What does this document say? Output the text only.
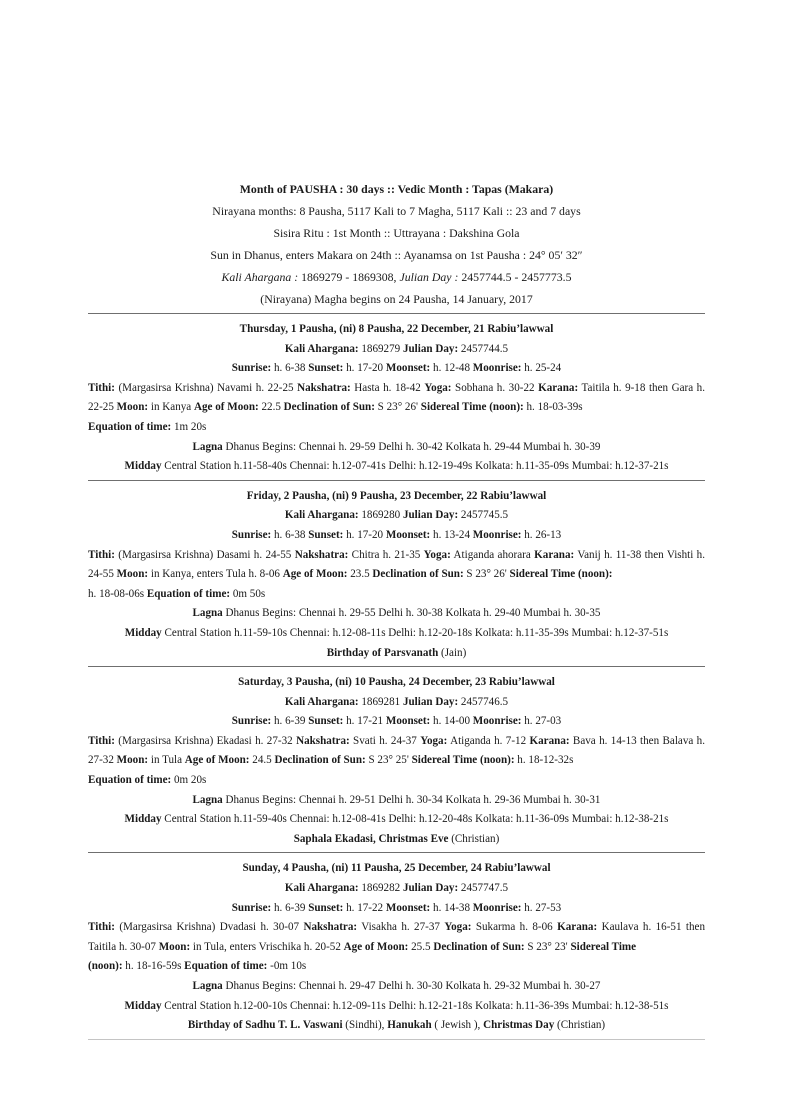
Month of PAUSHA : 30 days :: Vedic Month : Tapas (Makara)
Nirayana months: 8 Pausha, 5117 Kali to 7 Magha, 5117 Kali :: 23 and 7 days
Sisira Ritu : 1st Month :: Uttrayana : Dakshina Gola
Sun in Dhanus, enters Makara on 24th :: Ayanamsa on 1st Pausha : 24° 05′ 32″
Kali Ahargana : 1869279 - 1869308, Julian Day : 2457744.5 - 2457773.5
(Nirayana) Magha begins on 24 Pausha, 14 January, 2017
Thursday, 1 Pausha, (ni) 8 Pausha, 22 December, 21 Rabiu’lawwal
Kali Ahargana: 1869279 Julian Day: 2457744.5
Sunrise: h. 6-38 Sunset: h. 17-20 Moonset: h. 12-48 Moonrise: h. 25-24
Tithi: (Margasirsa Krishna) Navami h. 22-25 Nakshatra: Hasta h. 18-42 Yoga: Sobhana h. 30-22 Karana: Taitila h. 9-18 then Gara h. 22-25 Moon: in Kanya Age of Moon: 22.5 Declination of Sun: S 23° 26' Sidereal Time (noon): h. 18-03-39s
Equation of time: 1m 20s
Lagna Dhanus Begins: Chennai h. 29-59 Delhi h. 30-42 Kolkata h. 29-44 Mumbai h. 30-39
Midday Central Station h.11-58-40s Chennai: h.12-07-41s Delhi: h.12-19-49s Kolkata: h.11-35-09s Mumbai: h.12-37-21s
Friday, 2 Pausha, (ni) 9 Pausha, 23 December, 22 Rabiu’lawwal
Kali Ahargana: 1869280 Julian Day: 2457745.5
Sunrise: h. 6-38 Sunset: h. 17-20 Moonset: h. 13-24 Moonrise: h. 26-13
Tithi: (Margasirsa Krishna) Dasami h. 24-55 Nakshatra: Chitra h. 21-35 Yoga: Atiganda ahorara Karana: Vanij h. 11-38 then Vishti h. 24-55 Moon: in Kanya, enters Tula h. 8-06 Age of Moon: 23.5 Declination of Sun: S 23° 26' Sidereal Time (noon):
h. 18-08-06s Equation of time: 0m 50s
Lagna Dhanus Begins: Chennai h. 29-55 Delhi h. 30-38 Kolkata h. 29-40 Mumbai h. 30-35
Midday Central Station h.11-59-10s Chennai: h.12-08-11s Delhi: h.12-20-18s Kolkata: h.11-35-39s Mumbai: h.12-37-51s
Birthday of Parsvanath (Jain)
Saturday, 3 Pausha, (ni) 10 Pausha, 24 December, 23 Rabiu’lawwal
Kali Ahargana: 1869281 Julian Day: 2457746.5
Sunrise: h. 6-39 Sunset: h. 17-21 Moonset: h. 14-00 Moonrise: h. 27-03
Tithi: (Margasirsa Krishna) Ekadasi h. 27-32 Nakshatra: Svati h. 24-37 Yoga: Atiganda h. 7-12 Karana: Bava h. 14-13 then Balava h. 27-32 Moon: in Tula Age of Moon: 24.5 Declination of Sun: S 23° 25' Sidereal Time (noon): h. 18-12-32s
Equation of time: 0m 20s
Lagna Dhanus Begins: Chennai h. 29-51 Delhi h. 30-34 Kolkata h. 29-36 Mumbai h. 30-31
Midday Central Station h.11-59-40s Chennai: h.12-08-41s Delhi: h.12-20-48s Kolkata: h.11-36-09s Mumbai: h.12-38-21s
Saphala Ekadasi, Christmas Eve (Christian)
Sunday, 4 Pausha, (ni) 11 Pausha, 25 December, 24 Rabiu’lawwal
Kali Ahargana: 1869282 Julian Day: 2457747.5
Sunrise: h. 6-39 Sunset: h. 17-22 Moonset: h. 14-38 Moonrise: h. 27-53
Tithi: (Margasirsa Krishna) Dvadasi h. 30-07 Nakshatra: Visakha h. 27-37 Yoga: Sukarma h. 8-06 Karana: Kaulava h. 16-51 then Taitila h. 30-07 Moon: in Tula, enters Vrischika h. 20-52 Age of Moon: 25.5 Declination of Sun: S 23° 23' Sidereal Time
(noon): h. 18-16-59s Equation of time: -0m 10s
Lagna Dhanus Begins: Chennai h. 29-47 Delhi h. 30-30 Kolkata h. 29-32 Mumbai h. 30-27
Midday Central Station h.12-00-10s Chennai: h.12-09-11s Delhi: h.12-21-18s Kolkata: h.11-36-39s Mumbai: h.12-38-51s
Birthday of Sadhu T. L. Vaswani (Sindhi), Hanukah ( Jewish ), Christmas Day (Christian)
